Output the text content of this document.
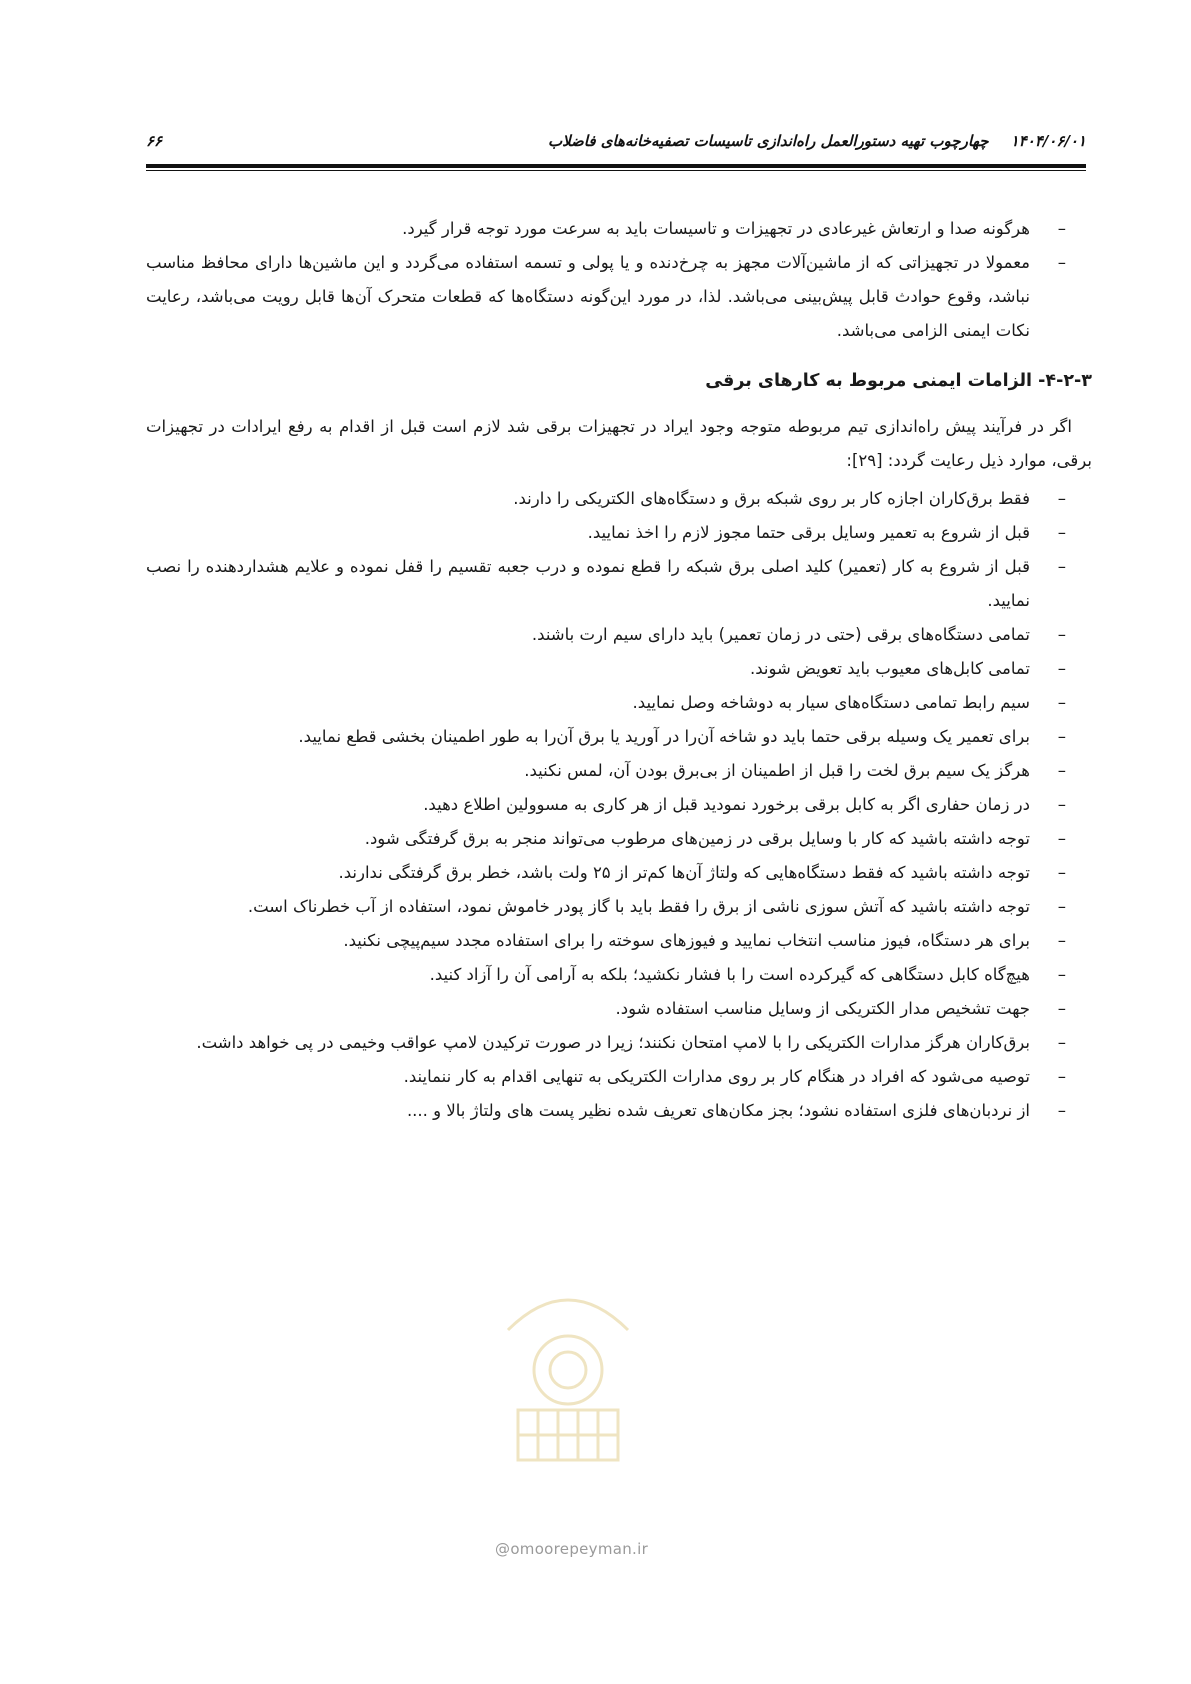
۱۴۰۴/۰۶/۰۱
چهارچوب تهیه دستورالعمل راه‌اندازی تاسیسات تصفیه‌خانه‌های فاضلاب
۶۶
–
هرگونه صدا و ارتعاش غیرعادی در تجهیزات و تاسیسات باید به سرعت مورد توجه قرار گیرد.
–
معمولا در تجهیزاتی که از ماشین‌آلات مجهز به چرخ‌دنده و یا پولی و تسمه استفاده می‌گردد و این ماشین‌ها دارای محافظ مناسب نباشد، وقوع حوادث قابل پیش‌بینی می‌باشد. لذا، در مورد این‌گونه دستگاه‌ها که قطعات متحرک آن‌ها قابل رویت می‌باشد، رعایت نکات ایمنی الزامی می‌باشد.
۴-۲-۳- الزامات ایمنی مربوط به کارهای برقی
اگر در فرآیند پیش راه‌اندازی تیم مربوطه متوجه وجود ایراد در تجهیزات برقی شد لازم است قبل از اقدام به رفع ایرادات در تجهیزات برقی، موارد ذیل رعایت گردد: [۲۹]:
–
فقط برق‌کاران اجازه کار بر روی شبکه برق و دستگاه‌های الکتریکی را دارند.
–
قبل از شروع به تعمیر وسایل برقی حتما مجوز لازم را اخذ نمایید.
–
قبل از شروع به کار (تعمیر) کلید اصلی برق شبکه را قطع نموده و درب جعبه تقسیم را قفل نموده و علایم هشداردهنده را نصب نمایید.
–
تمامی دستگاه‌های برقی (حتی در زمان تعمیر) باید دارای سیم ارت باشند.
–
تمامی کابل‌های معیوب باید تعویض شوند.
–
سیم رابط تمامی دستگاه‌های سیار به دوشاخه وصل نمایید.
–
برای تعمیر یک وسیله برقی حتما باید دو شاخه آن‌را در آورید یا برق آن‌را به طور اطمینان بخشی قطع نمایید.
–
هرگز یک سیم برق لخت را قبل از اطمینان از بی‌برق بودن آن، لمس نکنید.
–
در زمان حفاری اگر به کابل برقی برخورد نمودید قبل از هر کاری به مسوولین اطلاع دهید.
–
توجه داشته باشید که کار با وسایل برقی در زمین‌های مرطوب می‌تواند منجر به برق گرفتگی شود.
–
توجه داشته باشید که فقط دستگاه‌هایی که ولتاژ آن‌ها کم‌تر از ۲۵ ولت باشد، خطر برق گرفتگی ندارند.
–
توجه داشته باشید که آتش سوزی ناشی از برق را فقط باید با گاز پودر خاموش نمود، استفاده از آب خطرناک است.
–
برای هر دستگاه، فیوز مناسب انتخاب نمایید و فیوزهای سوخته را برای استفاده مجدد سیم‌پیچی نکنید.
–
هیچ‌گاه کابل دستگاهی که گیرکرده است را با فشار نکشید؛ بلکه به آرامی آن را آزاد کنید.
–
جهت تشخیص مدار الکتریکی از وسایل مناسب استفاده شود.
–
برق‌کاران هرگز مدارات الکتریکی را با لامپ امتحان نکنند؛ زیرا در صورت ترکیدن لامپ عواقب وخیمی در پی خواهد داشت.
–
توصیه می‌شود که افراد در هنگام کار بر روی مدارات الکتریکی به تنهایی اقدام به کار ننمایند.
–
از نردبان‌های فلزی استفاده نشود؛ بجز مکان‌های تعریف شده نظیر پست های ولتاژ بالا و ....
@omoorepeyman.ir
